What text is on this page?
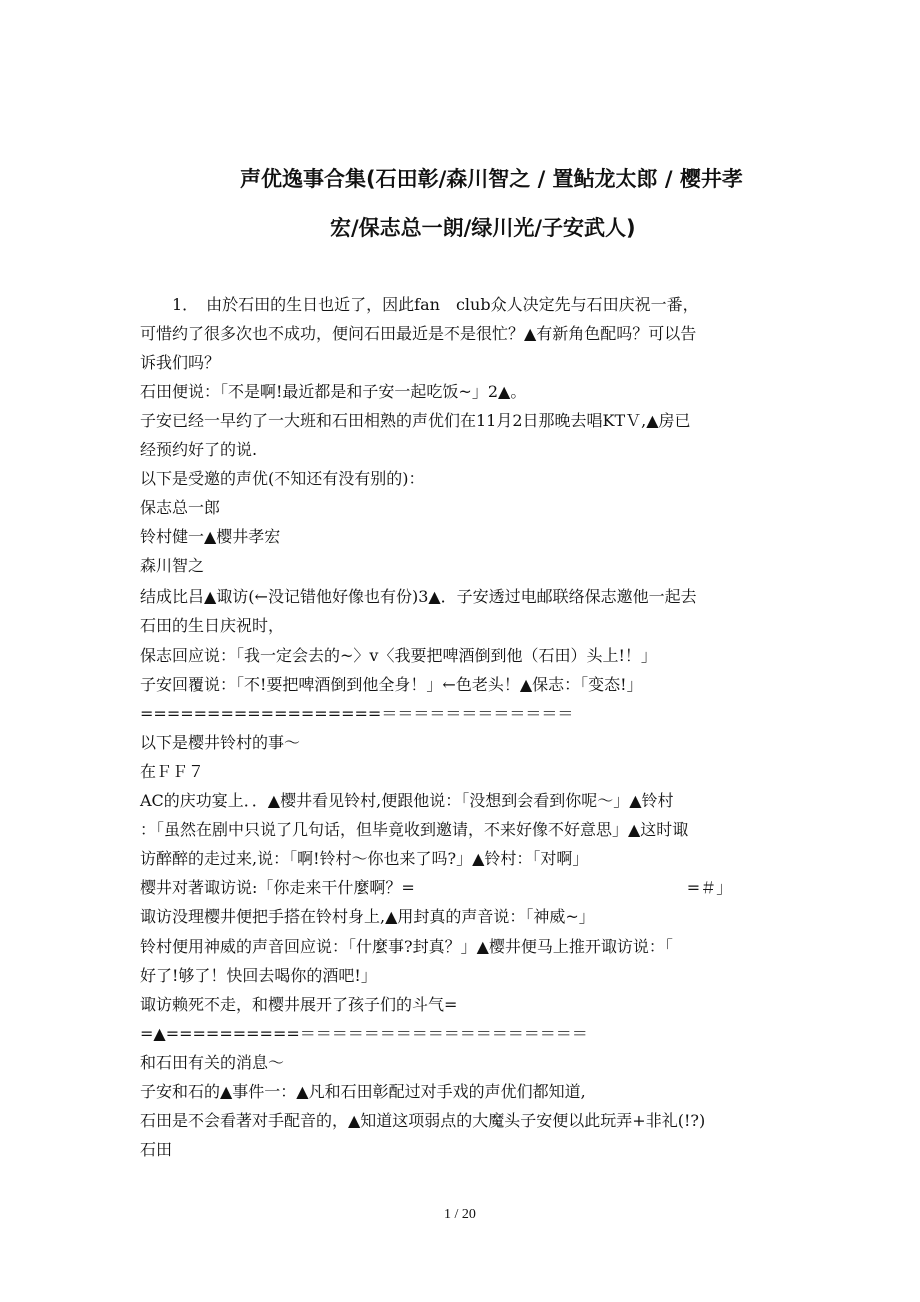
声优逸事合集(石田彰/森川智之 / 置鲇龙太郎 / 樱井孝
宏/保志总一朗/绿川光/子安武人)
　　1．　由於石田的生日也近了，因此fan　club众人决定先与石田庆祝一番，
可惜约了很多次也不成功，便问石田最近是不是很忙？▲有新角色配吗？可以告
诉我们吗？
石田便说：「不是啊!最近都是和子安一起吃饭~」2▲。
子安已经一早约了一大班和石田相熟的声优们在11月2日那晚去唱KTＶ,▲房已
经预约好了的说.
以下是受邀的声优(不知还有没有别的)：
保志总一郎
铃村健一▲樱井孝宏
森川智之
结成比吕▲诹访(←没记错他好像也有份)3▲．子安透过电邮联络保志邀他一起去
石田的生日庆祝时，
保志回应说：「我一定会去的~〉v〈我要把啤酒倒到他（石田）头上!！」
子安回覆说：「不!要把啤酒倒到他全身！」←色老头！▲保志：「变态!」
==================＝＝＝＝＝＝＝＝＝＝＝＝
以下是樱井铃村的事～
在ＦＦ７
AC的庆功宴上．．▲樱井看见铃村,便跟他说：「没想到会看到你呢～」▲铃村
：「虽然在剧中只说了几句话，但毕竟收到邀请，不来好像不好意思」▲这时诹
访醉醉的走过来,说：「啊!铃村～你也来了吗?」▲铃村：「对啊」
樱井对著诹访说:「你走来干什麼啊？=　　　　　　　　　　　　　　　　　=＃」
诹访没理樱井便把手搭在铃村身上,▲用封真的声音说：「神威~」
铃村便用神威的声音回应说：「什麼事?封真？」▲樱井便马上推开诹访说：「
好了!够了！快回去喝你的酒吧!」
诹访赖死不走，和樱井展开了孩子们的斗气=
=▲==========＝＝＝＝＝＝＝＝＝＝＝＝＝＝＝＝＝＝
和石田有关的消息～
子安和石的▲事件一：▲凡和石田彰配过对手戏的声优们都知道,
石田是不会看著对手配音的，▲知道这项弱点的大魔头子安便以此玩弄+非礼(!?)
石田
1 / 20
